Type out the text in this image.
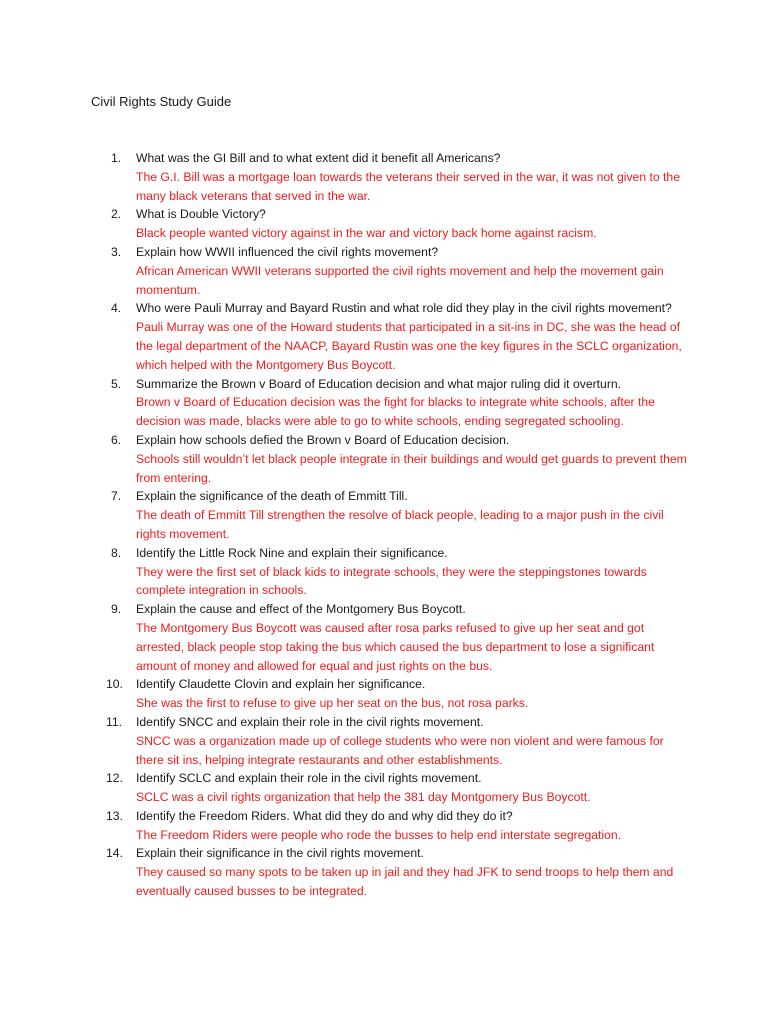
Civil Rights Study Guide
1. What was the GI Bill and to what extent did it benefit all Americans?
The G.I. Bill was a mortgage loan towards the veterans their served in the war, it was not given to the many black veterans that served in the war.
2. What is Double Victory?
Black people wanted victory against in the war and victory back home against racism.
3. Explain how WWII influenced the civil rights movement?
African American WWII veterans supported the civil rights movement and help the movement gain momentum.
4. Who were Pauli Murray and Bayard Rustin and what role did they play in the civil rights movement?
Pauli Murray was one of the Howard students that participated in a sit-ins in DC, she was the head of the legal department of the NAACP, Bayard Rustin was one the key figures in the SCLC organization, which helped with the Montgomery Bus Boycott.
5. Summarize the Brown v Board of Education decision and what major ruling did it overturn.
Brown v Board of Education decision was the fight for blacks to integrate white schools, after the decision was made, blacks were able to go to white schools, ending segregated schooling.
6. Explain how schools defied the Brown v Board of Education decision.
Schools still wouldn’t let black people integrate in their buildings and would get guards to prevent them from entering.
7. Explain the significance of the death of Emmitt Till.
The death of Emmitt Till strengthen the resolve of black people, leading to a major push in the civil rights movement.
8. Identify the Little Rock Nine and explain their significance.
They were the first set of black kids to integrate schools, they were the steppingstones towards complete integration in schools.
9. Explain the cause and effect of the Montgomery Bus Boycott.
The Montgomery Bus Boycott was caused after rosa parks refused to give up her seat and got arrested, black people stop taking the bus which caused the bus department to lose a significant amount of money and allowed for equal and just rights on the bus.
10. Identify Claudette Clovin and explain her significance.
She was the first to refuse to give up her seat on the bus, not rosa parks.
11. Identify SNCC and explain their role in the civil rights movement.
SNCC was a organization made up of college students who were non violent and were famous for there sit ins, helping integrate restaurants and other establishments.
12. Identify SCLC and explain their role in the civil rights movement.
SCLC was a civil rights organization that help the 381 day Montgomery Bus Boycott.
13. Identify the Freedom Riders. What did they do and why did they do it?
The Freedom Riders were people who rode the busses to help end interstate segregation.
14. Explain their significance in the civil rights movement.
They caused so many spots to be taken up in jail and they had JFK to send troops to help them and eventually caused busses to be integrated.
